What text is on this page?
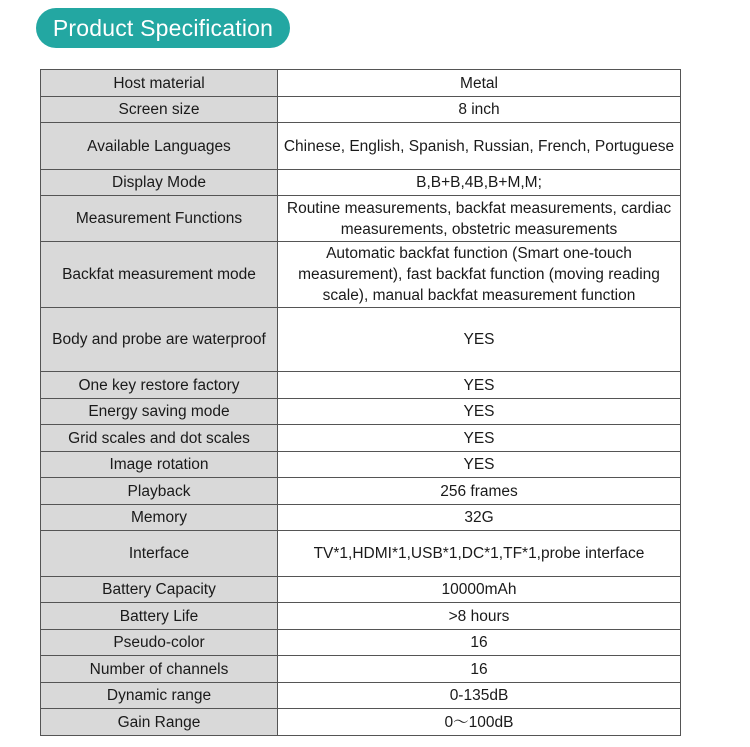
Product Specification
Host material	Metal
Screen size	8 inch
Available Languages	Chinese, English, Spanish, Russian, French, Portuguese
Display Mode	B,B+B,4B,B+M,M;
Measurement Functions	Routine measurements, backfat measurements, cardiac measurements, obstetric measurements
Backfat measurement mode	Automatic backfat function (Smart one-touch measurement), fast backfat function (moving reading scale), manual backfat measurement function
Body and probe are waterproof	YES
One key restore factory	YES
Energy saving mode	YES
Grid scales and dot scales	YES
Image rotation	YES
Playback	256 frames
Memory	32G
Interface	TV*1,HDMI*1,USB*1,DC*1,TF*1,probe interface
Battery Capacity	10000mAh
Battery Life	>8 hours
Pseudo-color	16
Number of channels	16
Dynamic range	0-135dB
Gain Range	0～100dB
